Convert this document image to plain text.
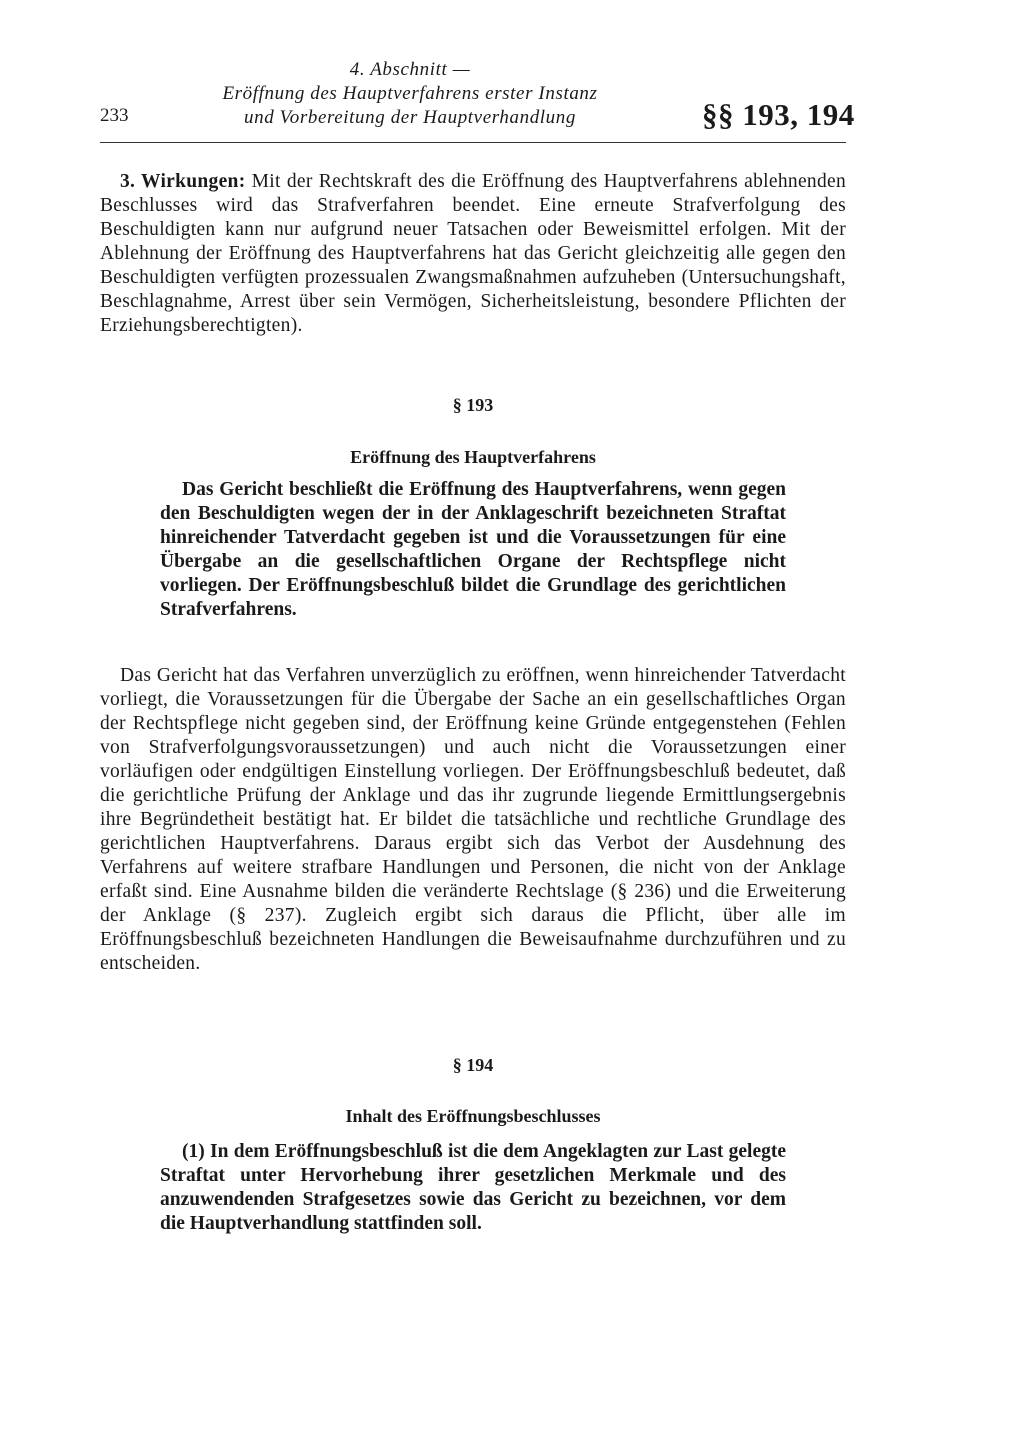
4. Abschnitt —
Eröffnung des Hauptverfahrens erster Instanz
und Vorbereitung der Hauptverhandlung
233	§§ 193, 194
3. Wirkungen: Mit der Rechtskraft des die Eröffnung des Hauptverfahrens ablehnenden Beschlusses wird das Strafverfahren beendet. Eine erneute Strafverfolgung des Beschuldigten kann nur aufgrund neuer Tatsachen oder Beweismittel erfolgen. Mit der Ablehnung der Eröffnung des Hauptverfahrens hat das Gericht gleichzeitig alle gegen den Beschuldigten verfügten prozessualen Zwangsmaßnahmen aufzuheben (Untersuchungshaft, Beschlagnahme, Arrest über sein Vermögen, Sicherheitsleistung, besondere Pflichten der Erziehungsberechtigten).
§ 193
Eröffnung des Hauptverfahrens
Das Gericht beschließt die Eröffnung des Hauptverfahrens, wenn gegen den Beschuldigten wegen der in der Anklageschrift bezeichneten Straftat hinreichender Tatverdacht gegeben ist und die Voraussetzungen für eine Übergabe an die gesellschaftlichen Organe der Rechtspflege nicht vorliegen. Der Eröffnungsbeschluß bildet die Grundlage des gerichtlichen Strafverfahrens.
Das Gericht hat das Verfahren unverzüglich zu eröffnen, wenn hinreichender Tatverdacht vorliegt, die Voraussetzungen für die Übergabe der Sache an ein gesellschaftliches Organ der Rechtspflege nicht gegeben sind, der Eröffnung keine Gründe entgegenstehen (Fehlen von Strafverfolgungsvoraussetzungen) und auch nicht die Voraussetzungen einer vorläufigen oder endgültigen Einstellung vorliegen. Der Eröffnungsbeschluß bedeutet, daß die gerichtliche Prüfung der Anklage und das ihr zugrunde liegende Ermittlungsergebnis ihre Begründetheit bestätigt hat. Er bildet die tatsächliche und rechtliche Grundlage des gerichtlichen Hauptverfahrens. Daraus ergibt sich das Verbot der Ausdehnung des Verfahrens auf weitere strafbare Handlungen und Personen, die nicht von der Anklage erfaßt sind. Eine Ausnahme bilden die veränderte Rechtslage (§ 236) und die Erweiterung der Anklage (§ 237). Zugleich ergibt sich daraus die Pflicht, über alle im Eröffnungsbeschluß bezeichneten Handlungen die Beweisaufnahme durchzuführen und zu entscheiden.
§ 194
Inhalt des Eröffnungsbeschlusses
(1) In dem Eröffnungsbeschluß ist die dem Angeklagten zur Last gelegte Straftat unter Hervorhebung ihrer gesetzlichen Merkmale und des anzuwendenden Strafgesetzes sowie das Gericht zu bezeichnen, vor dem die Hauptverhandlung stattfinden soll.
